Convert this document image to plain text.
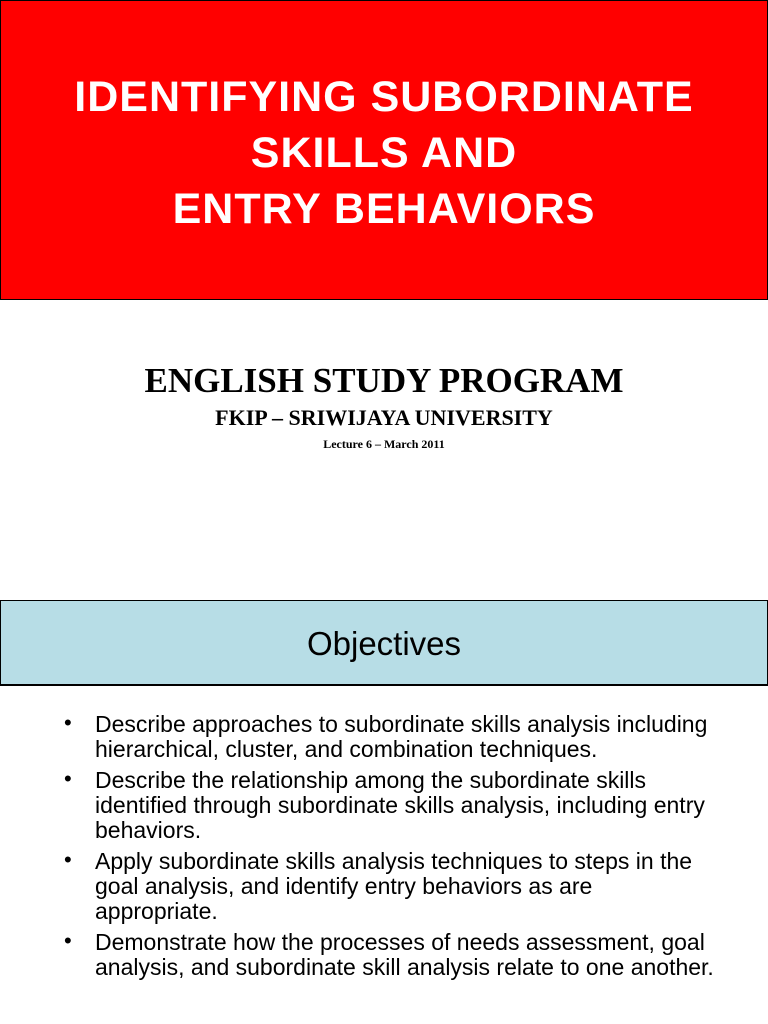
IDENTIFYING SUBORDINATE
SKILLS AND
ENTRY BEHAVIORS
ENGLISH STUDY PROGRAM
FKIP – SRIWIJAYA UNIVERSITY
Lecture 6 – March 2011
Objectives
• Describe approaches to subordinate skills analysis including hierarchical, cluster, and combination techniques.
• Describe the relationship among the subordinate skills identified through subordinate skills analysis, including entry behaviors.
• Apply subordinate skills analysis techniques to steps in the goal analysis, and identify entry behaviors as are appropriate.
• Demonstrate how the processes of needs assessment, goal analysis, and subordinate skill analysis relate to one another.
